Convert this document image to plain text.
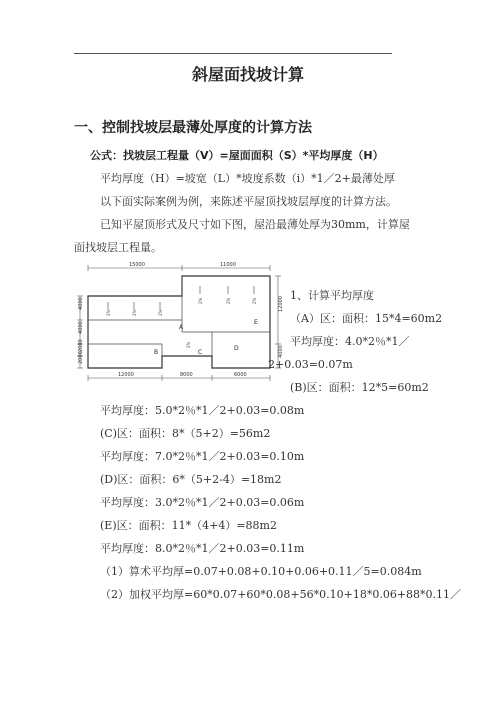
斜屋面找坡计算
一、控制找坡层最薄处厚度的计算方法
公式：找坡层工程量（V）=屋面面积（S）*平均厚度（H）
平均厚度（H）=坡宽（L）*坡度系数（i）*1／2+最薄处厚
以下面实际案例为例，来陈述平屋顶找坡层厚度的计算方法。
已知平屋顶形式及尺寸如下图，屋沿最薄处厚为30mm，计算屋
面找坡层工程量。
15000	11000
12000	8000	6000
4000
4000
2000
2000
12000
4000
A
B	C
D
E
2%	2%	2%
2%	2%	2%
2%
1、计算平均厚度
（A）区：面积：15*4=60m2
平均厚度：4.0*2％*1／
2+0.03=0.07m
(B)区：面积：12*5=60m2
平均厚度：5.0*2％*1／2+0.03=0.08m
(C)区：面积：8*（5+2）=56m2
平均厚度：7.0*2％*1／2+0.03=0.10m
(D)区：面积：6*（5+2-4）=18m2
平均厚度：3.0*2％*1／2+0.03=0.06m
(E)区：面积：11*（4+4）=88m2
平均厚度：8.0*2％*1／2+0.03=0.11m
（1）算术平均厚=0.07+0.08+0.10+0.06+0.11／5=0.084m
（2）加权平均厚=60*0.07+60*0.08+56*0.10+18*0.06+88*0.11／
